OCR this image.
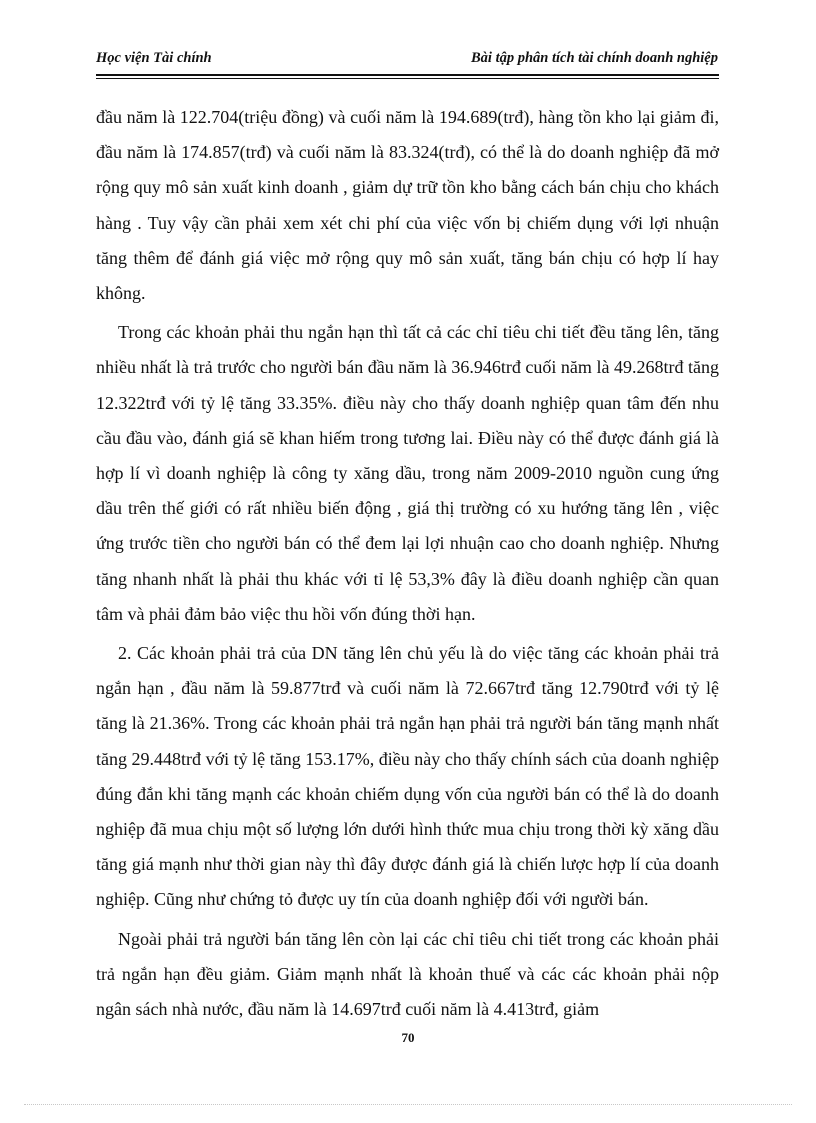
Học viện Tài chính	Bài tập phân tích tài chính doanh nghiệp

đầu năm là 122.704(triệu đồng) và cuối năm là 194.689(trđ), hàng tồn kho lại giảm đi, đầu năm là 174.857(trđ) và cuối năm là 83.324(trđ), có thể là do doanh nghiệp đã mở rộng quy mô sản xuất kinh doanh , giảm dự trữ tồn kho bằng cách bán chịu cho khách hàng . Tuy vậy cần phải xem xét chi phí của việc vốn bị chiếm dụng với lợi nhuận tăng thêm để đánh giá việc mở rộng quy mô sản xuất, tăng bán chịu có hợp lí hay không.

Trong các khoản phải thu ngắn hạn thì tất cả các chỉ tiêu chi tiết đều tăng lên, tăng nhiều nhất là trả trước cho người bán đầu năm là 36.946trđ cuối năm là 49.268trđ tăng 12.322trđ với tỷ lệ tăng 33.35%. điều này cho thấy doanh nghiệp quan tâm đến nhu cầu đầu vào, đánh giá sẽ khan hiếm trong tương lai. Điều này có thể được đánh giá là hợp lí vì doanh nghiệp là công ty xăng dầu, trong năm 2009-2010 nguồn cung ứng dầu trên thế giới có rất nhiều biến động , giá thị trường có xu hướng tăng lên , việc ứng trước tiền cho người bán có thể đem lại lợi nhuận cao cho doanh nghiệp. Nhưng tăng nhanh nhất là phải thu khác với tỉ lệ 53,3% đây là điều doanh nghiệp cần quan tâm và phải đảm bảo việc thu hồi vốn đúng thời hạn.

2. Các khoản phải trả của DN tăng lên chủ yếu là do việc tăng các khoản phải trả ngắn hạn , đầu năm là 59.877trđ và cuối năm là 72.667trđ tăng 12.790trđ với tỷ lệ tăng là 21.36%. Trong các khoản phải trả ngắn hạn phải trả người bán tăng mạnh nhất tăng 29.448trđ với tỷ lệ tăng 153.17%, điều này cho thấy chính sách của doanh nghiệp đúng đắn khi tăng mạnh các khoản chiếm dụng vốn của người bán có thể là do doanh nghiệp đã mua chịu một số lượng lớn dưới hình thức mua chịu trong thời kỳ xăng dầu tăng giá mạnh như thời gian này thì đây được đánh giá là chiến lược hợp lí của doanh nghiệp. Cũng như chứng tỏ được uy tín của doanh nghiệp đối với người bán.

Ngoài phải trả người bán tăng lên còn lại các chỉ tiêu chi tiết trong các khoản phải trả ngắn hạn đều giảm. Giảm mạnh nhất là khoản thuế và các các khoản phải nộp ngân sách nhà nước, đầu năm là 14.697trđ cuối năm là 4.413trđ, giảm

70
